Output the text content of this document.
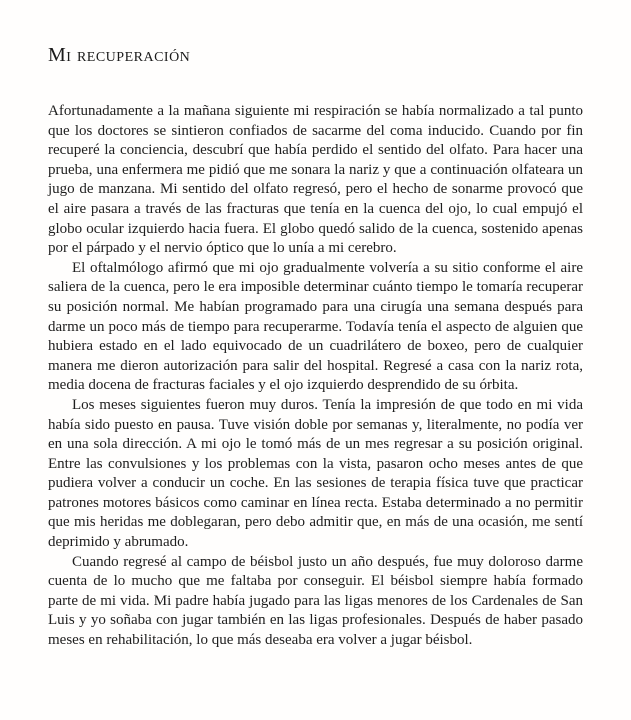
Mi recuperación

Afortunadamente a la mañana siguiente mi respiración se había normalizado a tal punto que los doctores se sintieron confiados de sacarme del coma inducido. Cuando por fin recuperé la conciencia, descubrí que había perdido el sentido del olfato. Para hacer una prueba, una enfermera me pidió que me sonara la nariz y que a continuación olfateara un jugo de manzana. Mi sentido del olfato regresó, pero el hecho de sonarme provocó que el aire pasara a través de las fracturas que tenía en la cuenca del ojo, lo cual empujó el globo ocular izquierdo hacia fuera. El globo quedó salido de la cuenca, sostenido apenas por el párpado y el nervio óptico que lo unía a mi cerebro.

El oftalmólogo afirmó que mi ojo gradualmente volvería a su sitio conforme el aire saliera de la cuenca, pero le era imposible determinar cuánto tiempo le tomaría recuperar su posición normal. Me habían programado para una cirugía una semana después para darme un poco más de tiempo para recuperarme. Todavía tenía el aspecto de alguien que hubiera estado en el lado equivocado de un cuadrilátero de boxeo, pero de cualquier manera me dieron autorización para salir del hospital. Regresé a casa con la nariz rota, media docena de fracturas faciales y el ojo izquierdo desprendido de su órbita.

Los meses siguientes fueron muy duros. Tenía la impresión de que todo en mi vida había sido puesto en pausa. Tuve visión doble por semanas y, literalmente, no podía ver en una sola dirección. A mi ojo le tomó más de un mes regresar a su posición original. Entre las convulsiones y los problemas con la vista, pasaron ocho meses antes de que pudiera volver a conducir un coche. En las sesiones de terapia física tuve que practicar patrones motores básicos como caminar en línea recta. Estaba determinado a no permitir que mis heridas me doblegaran, pero debo admitir que, en más de una ocasión, me sentí deprimido y abrumado.

Cuando regresé al campo de béisbol justo un año después, fue muy doloroso darme cuenta de lo mucho que me faltaba por conseguir. El béisbol siempre había formado parte de mi vida. Mi padre había jugado para las ligas menores de los Cardenales de San Luis y yo soñaba con jugar también en las ligas profesionales. Después de haber pasado meses en rehabilitación, lo que más deseaba era volver a jugar béisbol.
